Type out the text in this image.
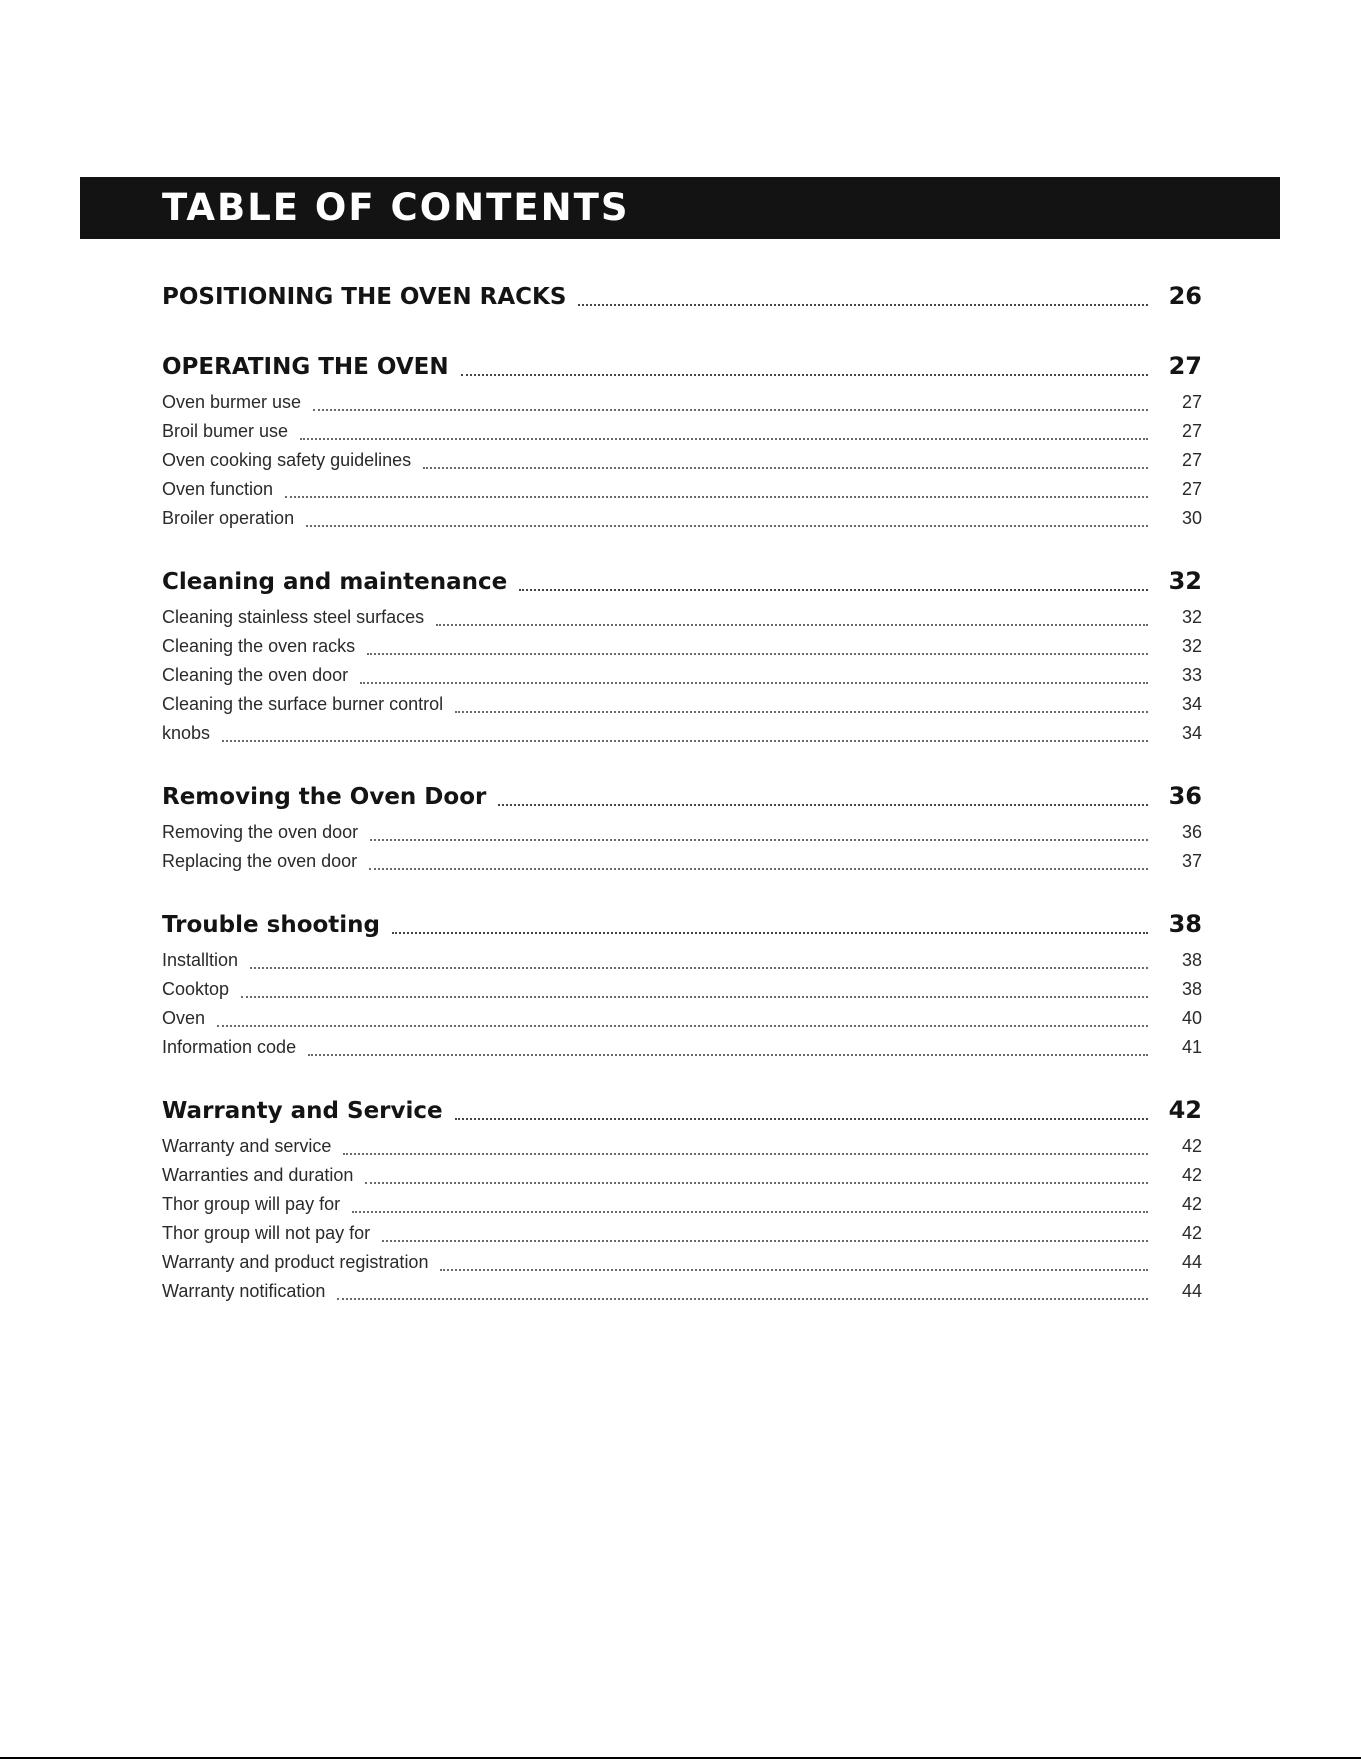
TABLE OF CONTENTS
POSITIONING THE OVEN RACKS	26
OPERATING THE OVEN	27
Oven burmer use	27
Broil bumer use	27
Oven cooking safety guidelines	27
Oven function	27
Broiler operation	30
Cleaning and maintenance	32
Cleaning stainless steel surfaces	32
Cleaning the oven racks	32
Cleaning the oven door	33
Cleaning the surface burner control	34
knobs	34
Removing the Oven Door	36
Removing the oven door	36
Replacing the oven door	37
Trouble shooting	38
Installtion	38
Cooktop	38
Oven	40
Information code	41
Warranty and Service	42
Warranty and service	42
Warranties and duration	42
Thor group will pay for	42
Thor group will not pay for	42
Warranty and product registration	44
Warranty notification	44
